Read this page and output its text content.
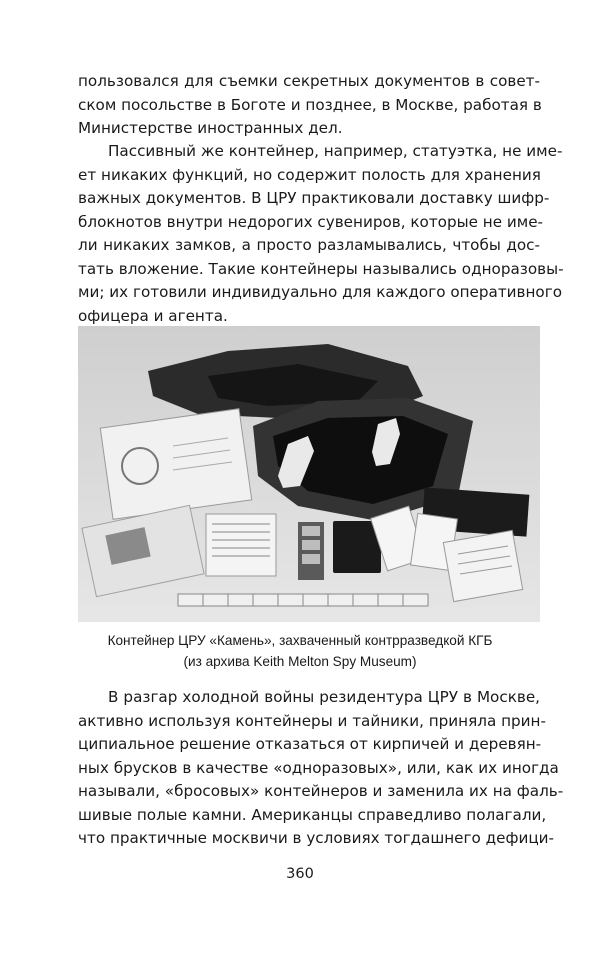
пользовался для съемки секретных документов в совет-
ском посольстве в Боготе и позднее, в Москве, работая в
Министерстве иностранных дел.

Пассивный же контейнер, например, статуэтка, не име-
ет никаких функций, но содержит полость для хранения
важных документов. В ЦРУ практиковали доставку шифр-
блокнотов внутри недорогих сувениров, которые не име-
ли никаких замков, а просто разламывались, чтобы дос-
тать вложение. Такие контейнеры назывались одноразовы-
ми; их готовили индивидуально для каждого оперативного
офицера и агента.

Контейнер ЦРУ «Камень», захваченный контрразведкой КГБ
(из архива Keith Melton Spy Museum)

В разгар холодной войны резидентура ЦРУ в Москве,
активно используя контейнеры и тайники, приняла прин-
ципиальное решение отказаться от кирпичей и деревян-
ных брусков в качестве «одноразовых», или, как их иногда
называли, «бросовых» контейнеров и заменила их на фаль-
шивые полые камни. Американцы справедливо полагали,
что практичные москвичи в условиях тогдашнего дефици-

360
